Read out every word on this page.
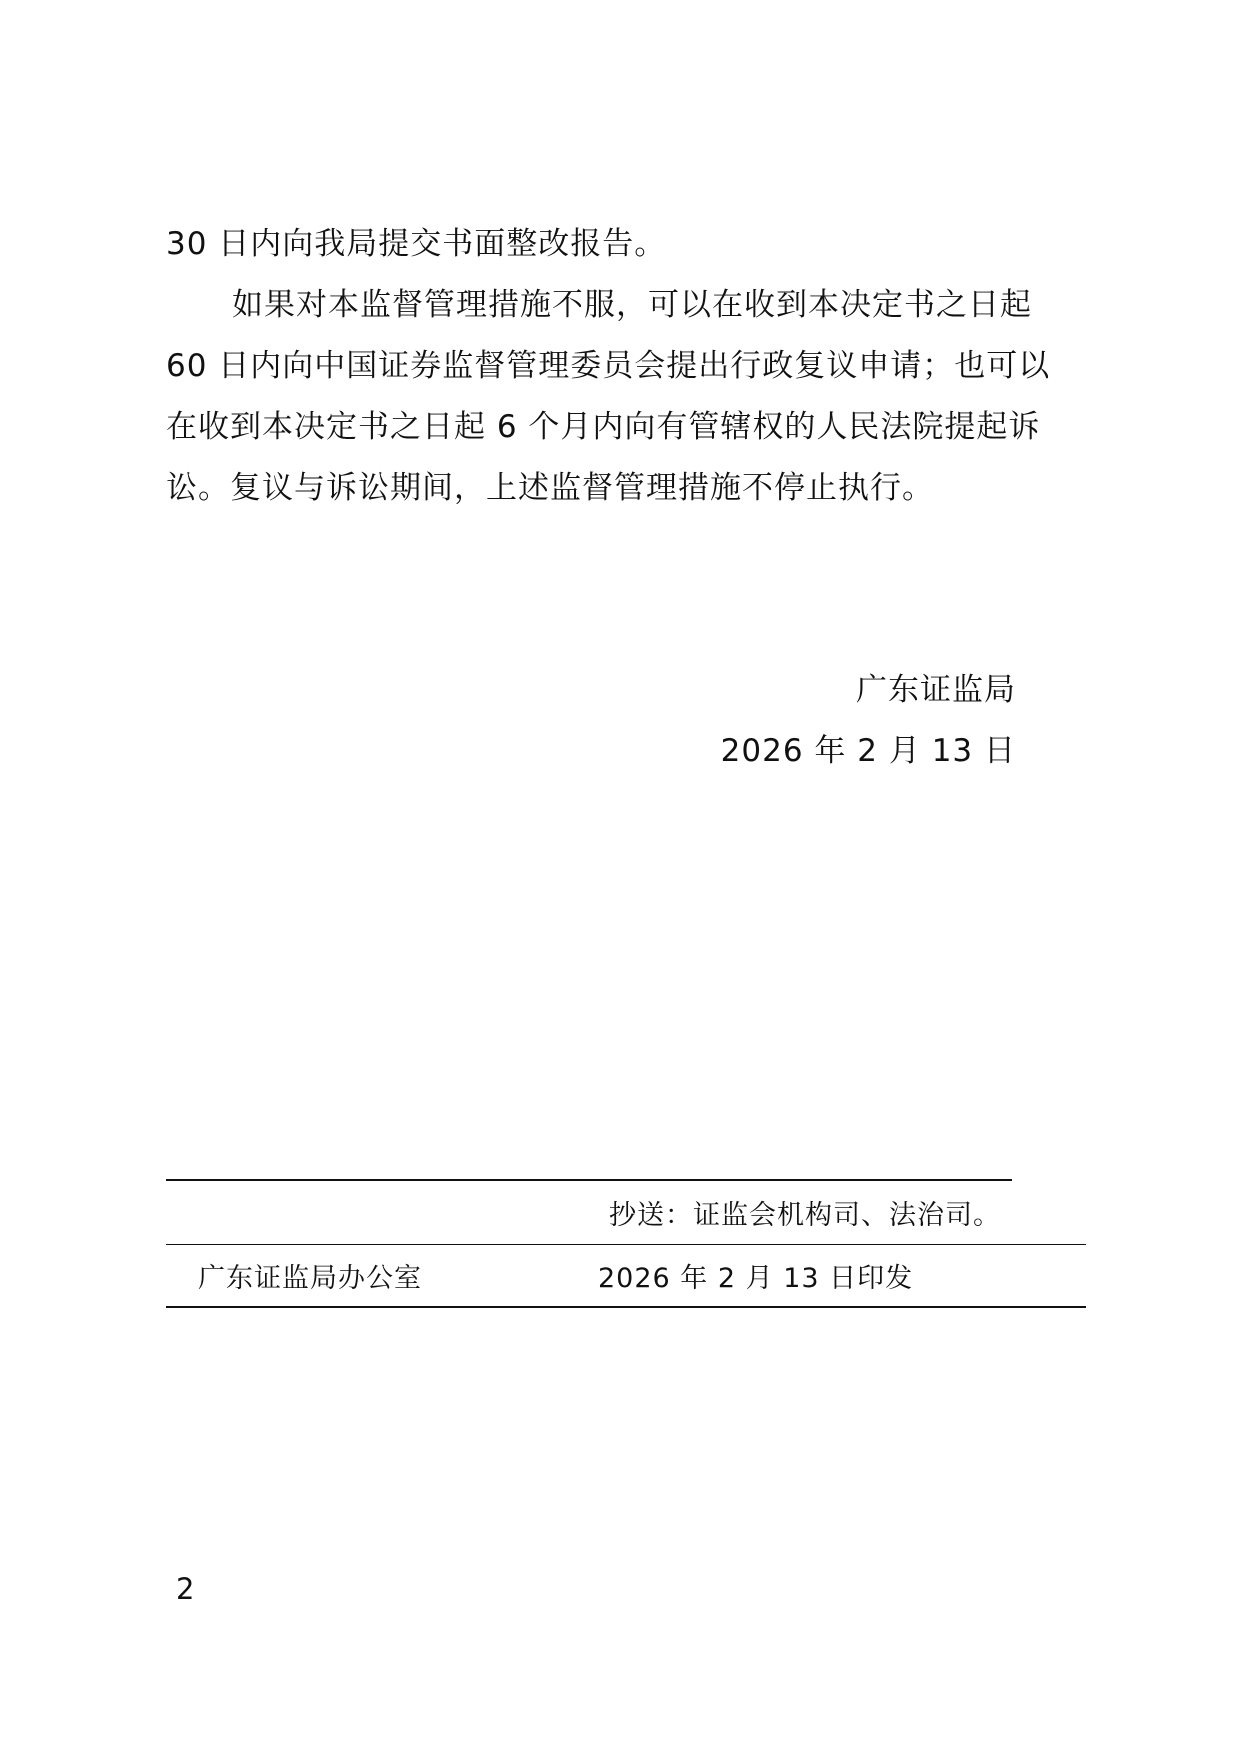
30 日内向我局提交书面整改报告。
如果对本监督管理措施不服，可以在收到本决定书之日起
60 日内向中国证券监督管理委员会提出行政复议申请；也可以
在收到本决定书之日起 6 个月内向有管辖权的人民法院提起诉
讼。复议与诉讼期间，上述监督管理措施不停止执行。
广东证监局
2026 年 2 月 13 日
抄送：证监会机构司、法治司。
广东证监局办公室	2026 年 2 月 13 日印发
2
